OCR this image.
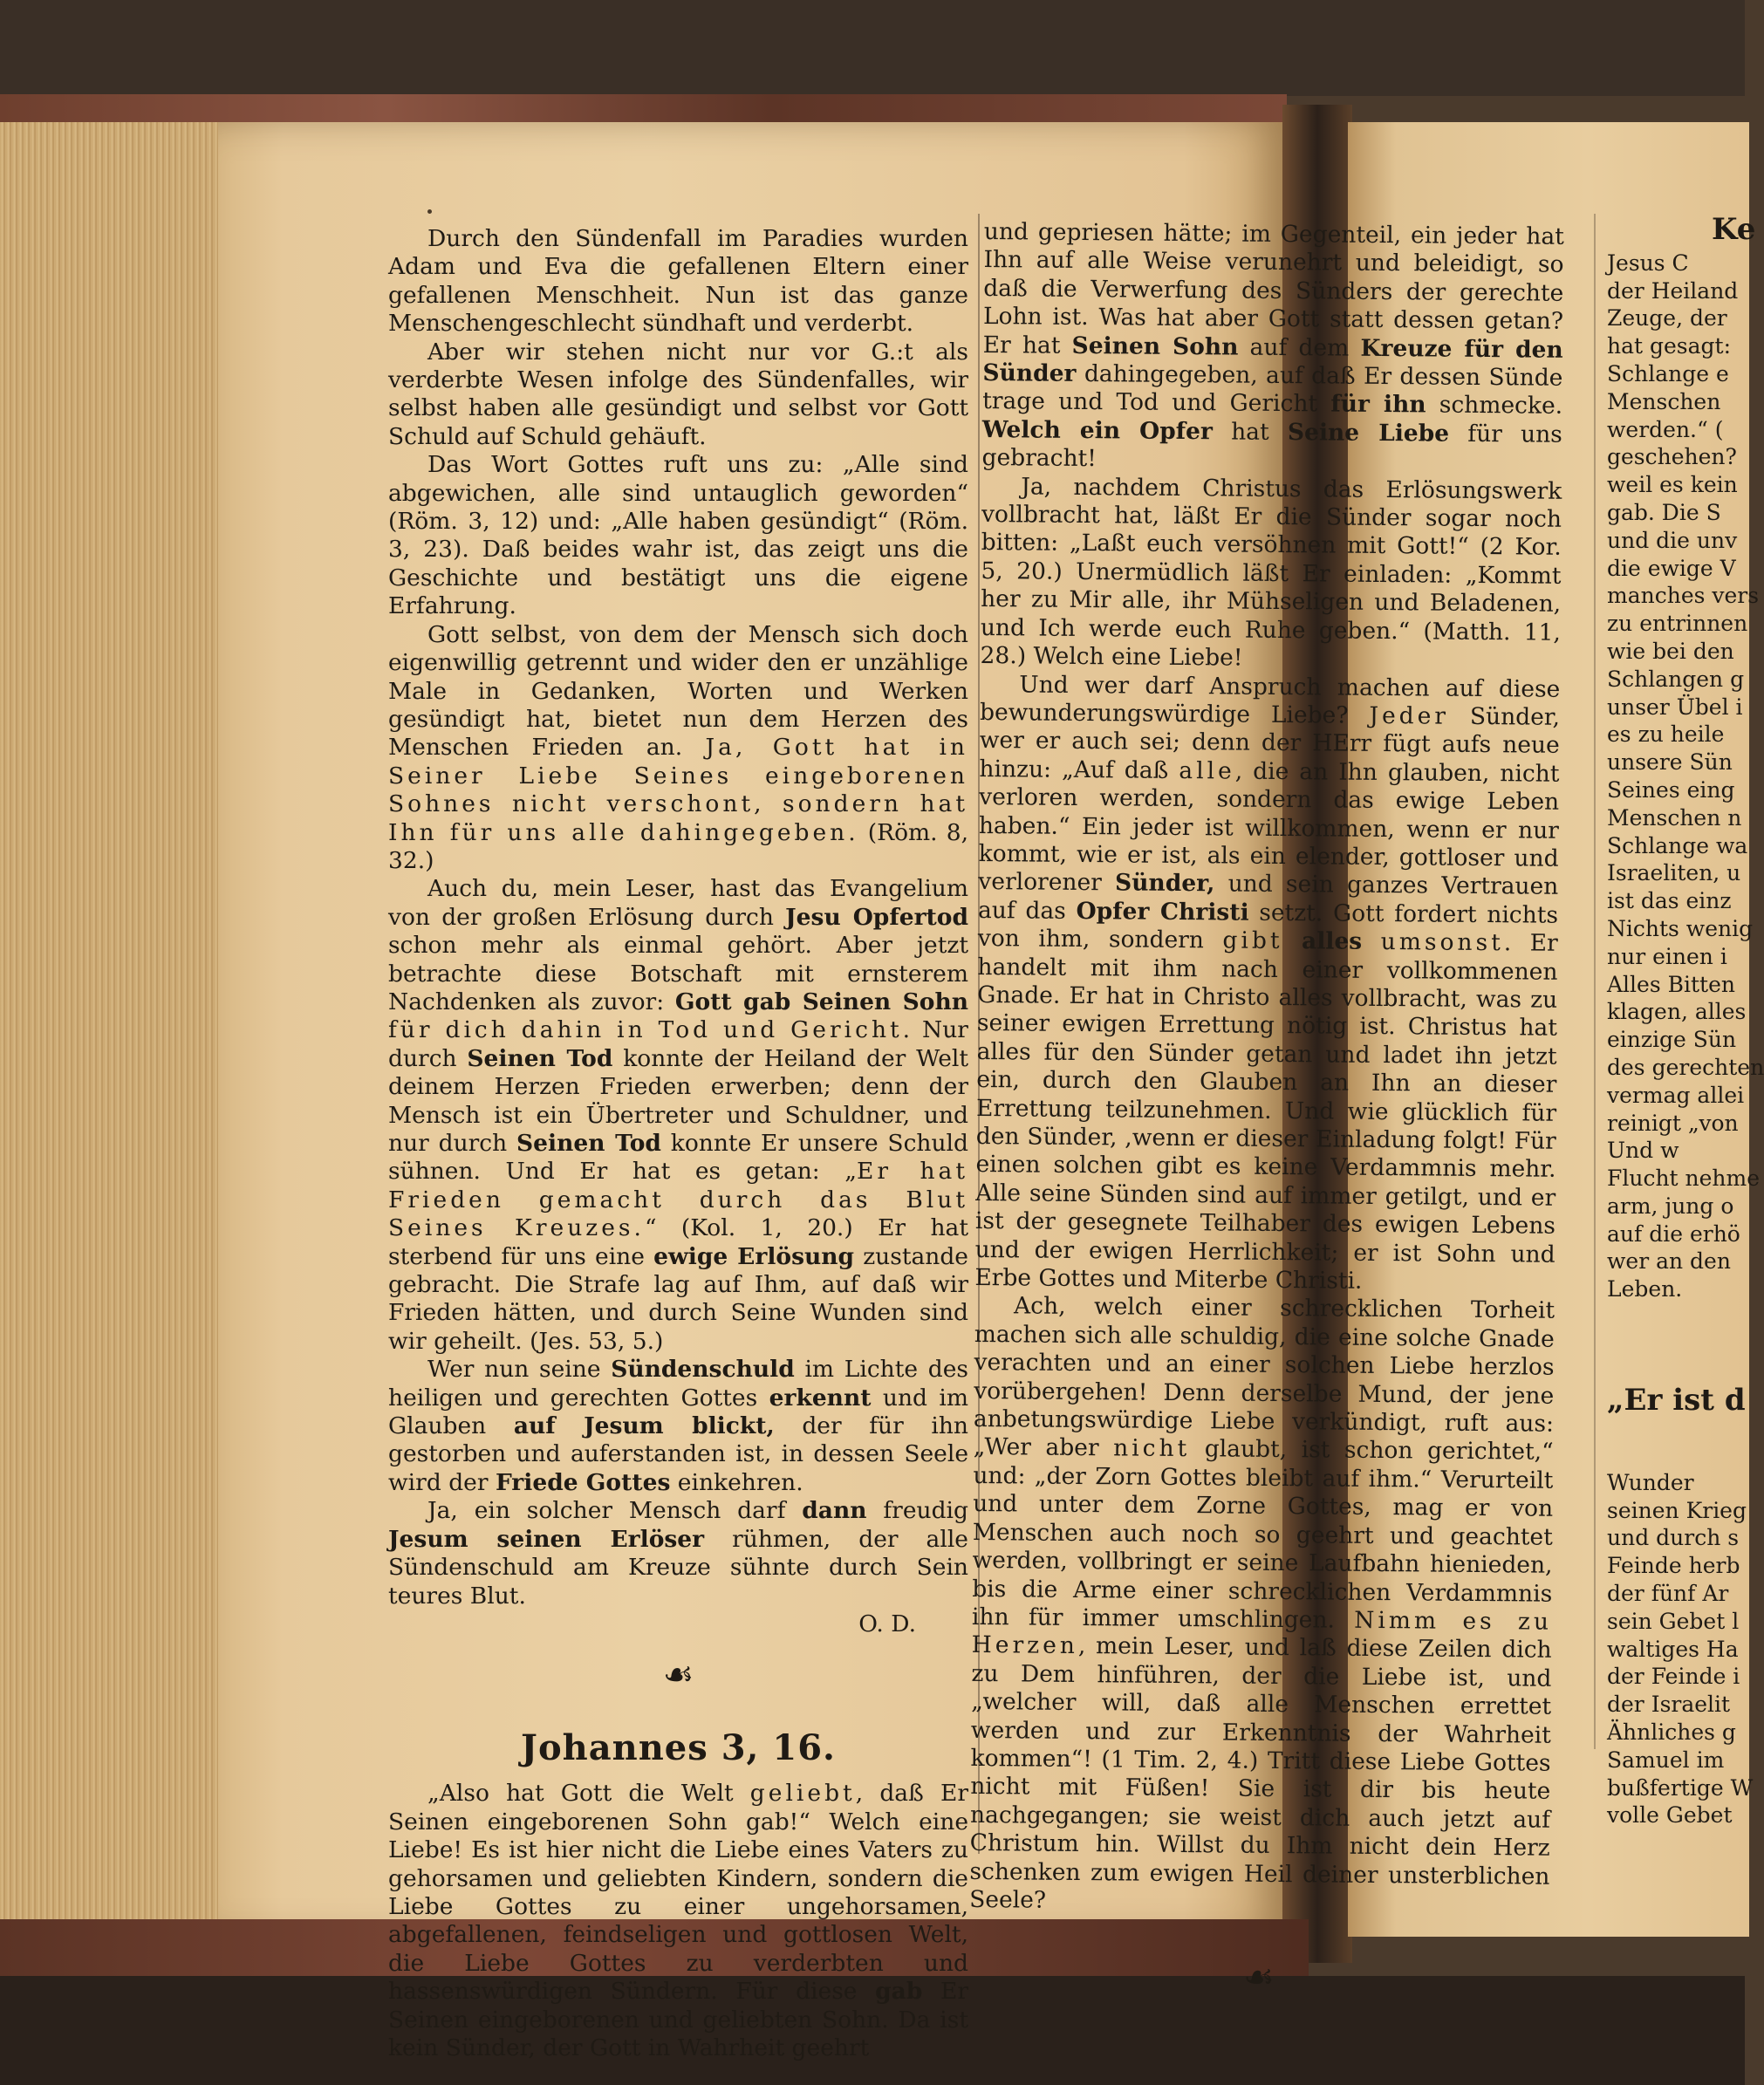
Durch den Sündenfall im Paradies wurden Adam und Eva die gefallenen Eltern einer gefallenen Menschheit. Nun ist das ganze Menschengeschlecht sündhaft und verderbt.

Aber wir stehen nicht nur vor G.:t als verderbte Wesen infolge des Sündenfalles, wir selbst haben alle gesündigt und selbst vor Gott Schuld auf Schuld gehäuft.

Das Wort Gottes ruft uns zu: „Alle sind abgewichen, alle sind untauglich geworden“ (Röm. 3, 12) und: „Alle haben gesündigt“ (Röm. 3, 23). Daß beides wahr ist, das zeigt uns die Geschichte und bestätigt uns die eigene Erfahrung.

Gott selbst, von dem der Mensch sich doch eigenwillig getrennt und wider den er unzählige Male in Gedanken, Worten und Werken gesündigt hat, bietet nun dem Herzen des Menschen Frieden an. Ja, Gott hat in Seiner Liebe Seines eingeborenen Sohnes nicht verschont, sondern hat Ihn für uns alle dahingegeben. (Röm. 8, 32.)

Auch du, mein Leser, hast das Evangelium von der großen Erlösung durch Jesu Opfertod schon mehr als einmal gehört. Aber jetzt betrachte diese Botschaft mit ernsterem Nachdenken als zuvor: Gott gab Seinen Sohn für dich dahin in Tod und Gericht. Nur durch Seinen Tod konnte der Heiland der Welt deinem Herzen Frieden erwerben; denn der Mensch ist ein Übertreter und Schuldner, und nur durch Seinen Tod konnte Er unsere Schuld sühnen. Und Er hat es getan: „Er hat Frieden gemacht durch das Blut Seines Kreuzes.“ (Kol. 1, 20.) Er hat sterbend für uns eine ewige Erlösung zustande gebracht. Die Strafe lag auf Ihm, auf daß wir Frieden hätten, und durch Seine Wunden sind wir geheilt. (Jes. 53, 5.)

Wer nun seine Sündenschuld im Lichte des heiligen und gerechten Gottes erkennt und im Glauben auf Jesum blickt, der für ihn gestorben und auferstanden ist, in dessen Seele wird der Friede Gottes einkehren.

Ja, ein solcher Mensch darf dann freudig Jesum seinen Erlöser rühmen, der alle Sündenschuld am Kreuze sühnte durch Sein teures Blut.

O. D.

☙
Johannes 3, 16.

„Also hat Gott die Welt geliebt, daß Er Seinen eingeborenen Sohn gab!“ Welch eine Liebe! Es ist hier nicht die Liebe eines Vaters zu gehorsamen und geliebten Kindern, sondern die Liebe Gottes zu einer ungehorsamen, abgefallenen, feindseligen und gottlosen Welt, die Liebe Gottes zu verderbten und hassenswürdigen Sündern. Für diese gab Er Seinen eingeborenen und geliebten Sohn. Da ist kein Sünder, der Gott in Wahrheit geehrt

und gepriesen hätte; im Gegenteil, ein jeder hat Ihn auf alle Weise verunehrt und beleidigt, so daß die Verwerfung des Sünders der gerechte Lohn ist. Was hat aber Gott statt dessen getan? Er hat Seinen Sohn auf dem Kreuze für den Sünder dahingegeben, auf daß Er dessen Sünde trage und Tod und Gericht für ihn schmecke. Welch ein Opfer hat Seine Liebe für uns gebracht!

Ja, nachdem Christus das Erlösungswerk vollbracht hat, läßt Er die Sünder sogar noch bitten: „Laßt euch versöhnen mit Gott!“ (2 Kor. 5, 20.) Unermüdlich läßt Er einladen: „Kommt her zu Mir alle, ihr Mühseligen und Beladenen, und Ich werde euch Ruhe geben.“ (Matth. 11, 28.) Welch eine Liebe!

Und wer darf Anspruch machen auf diese bewunderungswürdige Liebe? Jeder Sünder, wer er auch sei; denn der HErr fügt aufs neue hinzu: „Auf daß alle, die an Ihn glauben, nicht verloren werden, sondern das ewige Leben haben.“ Ein jeder ist willkommen, wenn er nur kommt, wie er ist, als ein elender, gottloser und verlorener Sünder, und sein ganzes Vertrauen auf das Opfer Christi setzt. Gott fordert nichts von ihm, sondern gibt alles umsonst. Er handelt mit ihm nach einer vollkommenen Gnade. Er hat in Christo alles vollbracht, was zu seiner ewigen Errettung nötig ist. Christus hat alles für den Sünder getan und ladet ihn jetzt ein, durch den Glauben an Ihn an dieser Errettung teilzunehmen. Und wie glücklich für den Sünder, ,wenn er dieser Einladung folgt! Für einen solchen gibt es keine Verdammnis mehr. Alle seine Sünden sind auf immer getilgt, und er ist der gesegnete Teilhaber des ewigen Lebens und der ewigen Herrlichkeit; er ist Sohn und Erbe Gottes und Miterbe Christi.

Ach, welch einer schrecklichen Torheit machen sich alle schuldig, die eine solche Gnade verachten und an einer solchen Liebe herzlos vorübergehen! Denn derselbe Mund, der jene anbetungswürdige Liebe verkündigt, ruft aus: „Wer aber nicht glaubt, ist schon gerichtet,“ und: „der Zorn Gottes bleibt auf ihm.“ Verurteilt und unter dem Zorne Gottes, mag er von Menschen auch noch so geehrt und geachtet werden, vollbringt er seine Laufbahn hienieden, bis die Arme einer schrecklichen Verdammnis ihn für immer umschlingen. Nimm es zu Herzen, mein Leser, und laß diese Zeilen dich zu Dem hinführen, der die Liebe ist, und „welcher will, daß alle Menschen errettet werden und zur Erkenntnis der Wahrheit kommen“! (1 Tim. 2, 4.) Tritt diese Liebe Gottes nicht mit Füßen! Sie ist dir bis heute nachgegangen; sie weist dich auch jetzt auf Christum hin. Willst du Ihm nicht dein Herz schenken zum ewigen Heil deiner unsterblichen Seele?

☙
Ke
Jesus C
der Heiland
Zeuge, der
hat gesagt:
Schlange e
Menschen
werden.“ (
geschehen?
weil es kein
gab. Die S
und die unv
die ewige V
manches vers
zu entrinnen
wie bei den
Schlangen g
unser Übel i
es zu heile
unsere Sün
Seines eing
Menschen n
Schlange wa
Israeliten, u
ist das einz
Nichts wenig
nur einen i
Alles Bitten
klagen, alles
einzige Sün
des gerechten
vermag allei
reinigt „von
Und w
Flucht nehme
arm, jung o
auf die erhö
wer an den
Leben.
„Er ist d
Wunder
seinen Krieg
und durch s
Feinde herb
der fünf Ar
sein Gebet l
waltiges Ha
der Feinde i
der Israelit
Ähnliches g
Samuel im
bußfertige W
volle Gebet
